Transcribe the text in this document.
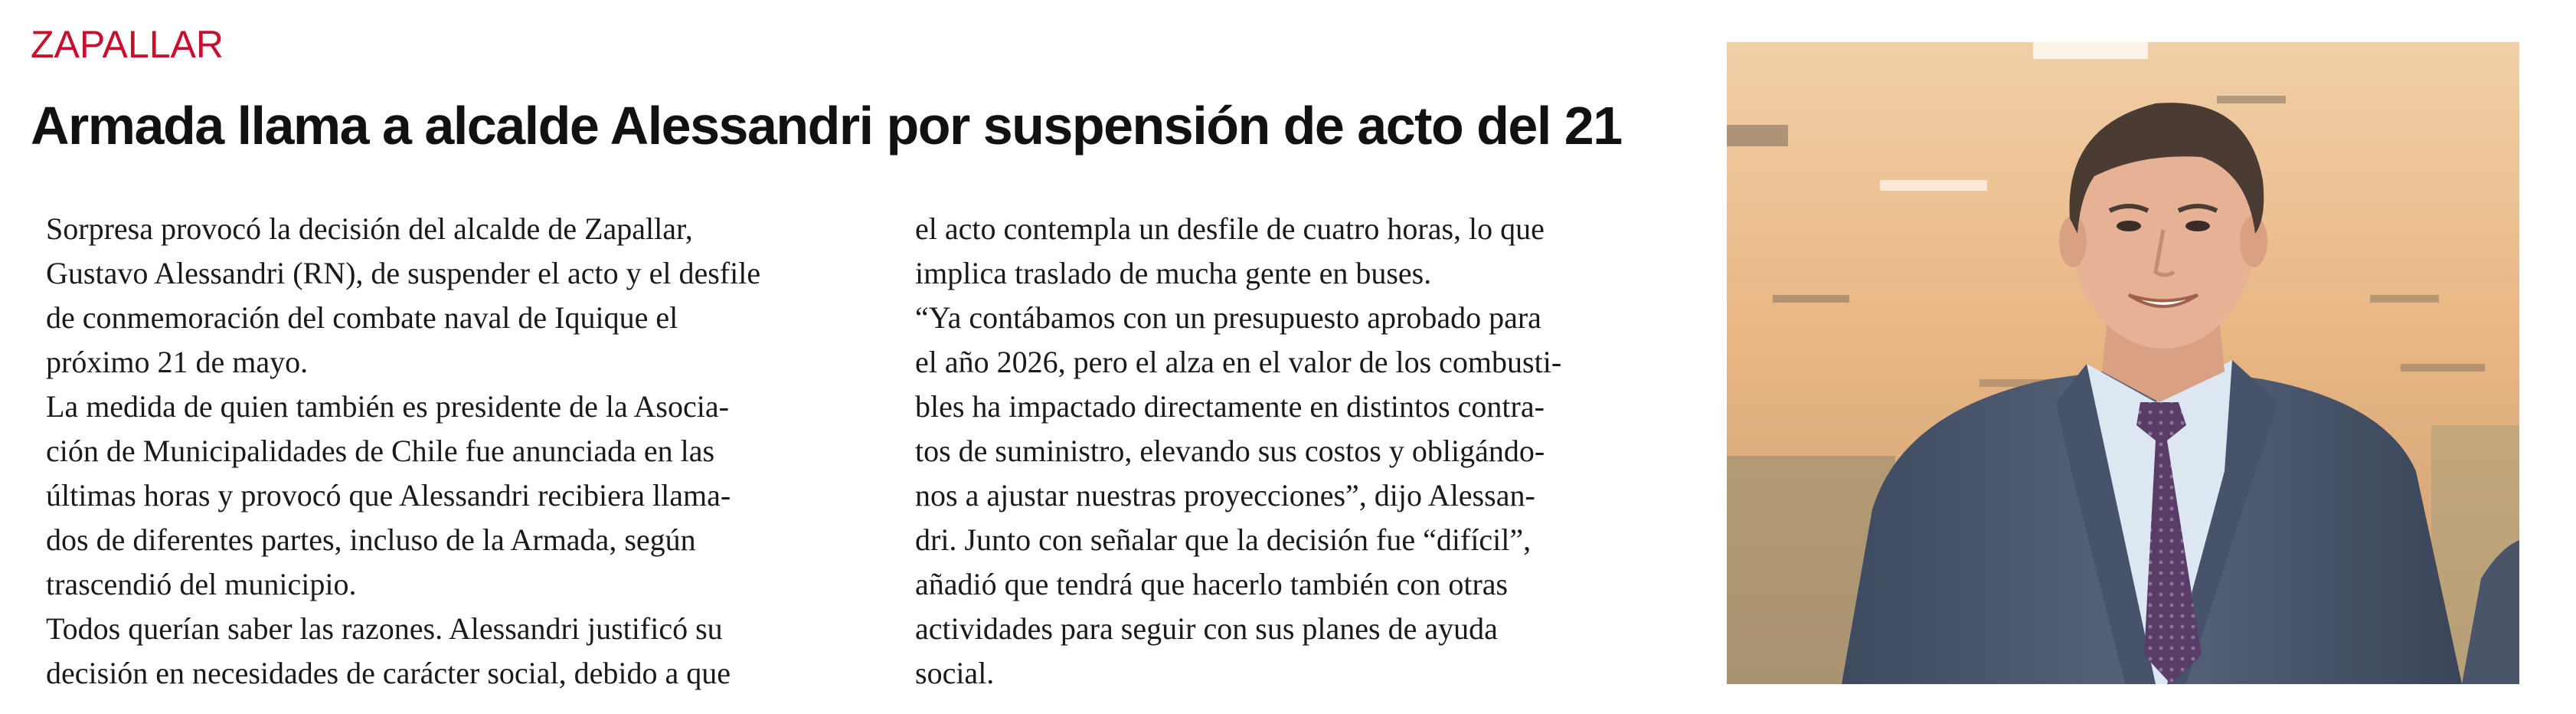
ZAPALLAR
Armada llama a alcalde Alessandri por suspensión de acto del 21
Sorpresa provocó la decisión del alcalde de Zapallar,
Gustavo Alessandri (RN), de suspender el acto y el desfile
de conmemoración del combate naval de Iquique el
próximo 21 de mayo.
La medida de quien también es presidente de la Asocia-
ción de Municipalidades de Chile fue anunciada en las
últimas horas y provocó que Alessandri recibiera llama-
dos de diferentes partes, incluso de la Armada, según
trascendió del municipio.
Todos querían saber las razones. Alessandri justificó su
decisión en necesidades de carácter social, debido a que
el acto contempla un desfile de cuatro horas, lo que
implica traslado de mucha gente en buses.
“Ya contábamos con un presupuesto aprobado para
el año 2026, pero el alza en el valor de los combusti-
bles ha impactado directamente en distintos contra-
tos de suministro, elevando sus costos y obligándo-
nos a ajustar nuestras proyecciones”, dijo Alessan-
dri. Junto con señalar que la decisión fue “difícil”,
añadió que tendrá que hacerlo también con otras
actividades para seguir con sus planes de ayuda
social.
